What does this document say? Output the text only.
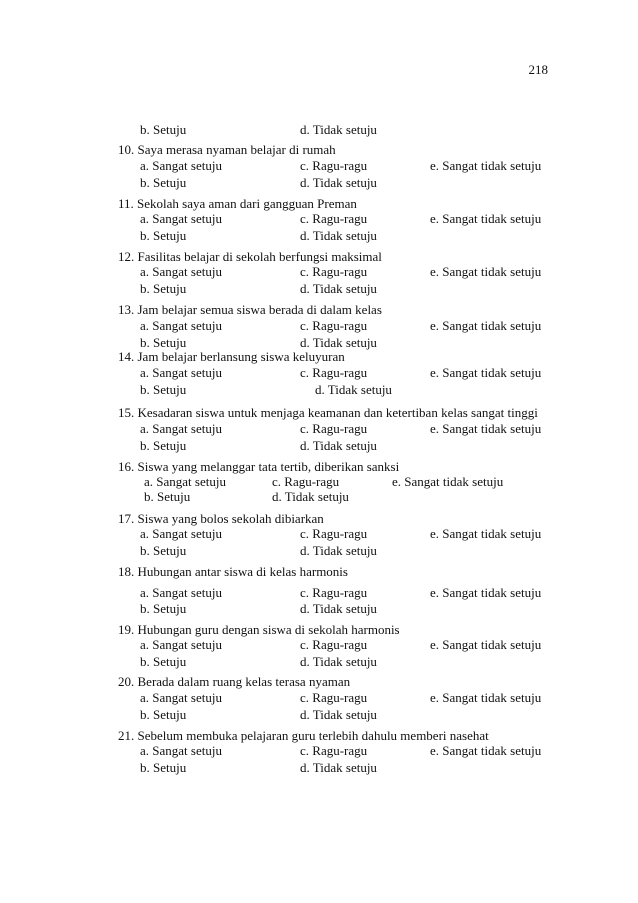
218
b. Setuju	d. Tidak setuju
10. Saya merasa nyaman belajar di rumah
a. Sangat setuju	c. Ragu-ragu	e. Sangat tidak setuju
b. Setuju	d. Tidak setuju
11. Sekolah saya aman dari gangguan Preman
a. Sangat setuju	c. Ragu-ragu	e. Sangat tidak setuju
b. Setuju	d. Tidak setuju
12. Fasilitas belajar di sekolah berfungsi maksimal
a. Sangat setuju	c. Ragu-ragu	e. Sangat tidak setuju
b. Setuju	d. Tidak setuju
13. Jam belajar semua siswa berada di dalam kelas
a. Sangat setuju	c. Ragu-ragu	e. Sangat tidak setuju
b. Setuju	d. Tidak setuju
14. Jam belajar berlansung siswa keluyuran
a. Sangat setuju	c. Ragu-ragu	e. Sangat tidak setuju
b. Setuju	d. Tidak setuju
15. Kesadaran siswa untuk menjaga keamanan dan ketertiban kelas sangat tinggi
a. Sangat setuju	c. Ragu-ragu	e. Sangat tidak setuju
b. Setuju	d. Tidak setuju
16. Siswa yang melanggar tata tertib, diberikan sanksi
a. Sangat setuju	c. Ragu-ragu	e. Sangat tidak setuju
b. Setuju	d. Tidak setuju
17. Siswa yang bolos sekolah dibiarkan
a. Sangat setuju	c. Ragu-ragu	e. Sangat tidak setuju
b. Setuju	d. Tidak setuju
18. Hubungan antar siswa di kelas harmonis
a. Sangat setuju	c. Ragu-ragu	e. Sangat tidak setuju
b. Setuju	d. Tidak setuju
19. Hubungan guru dengan siswa di sekolah harmonis
a. Sangat setuju	c. Ragu-ragu	e. Sangat tidak setuju
b. Setuju	d. Tidak setuju
20. Berada dalam ruang kelas terasa nyaman
a. Sangat setuju	c. Ragu-ragu	e. Sangat tidak setuju
b. Setuju	d. Tidak setuju
21. Sebelum membuka pelajaran guru terlebih dahulu memberi nasehat
a. Sangat setuju	c. Ragu-ragu	e. Sangat tidak setuju
b. Setuju	d. Tidak setuju
